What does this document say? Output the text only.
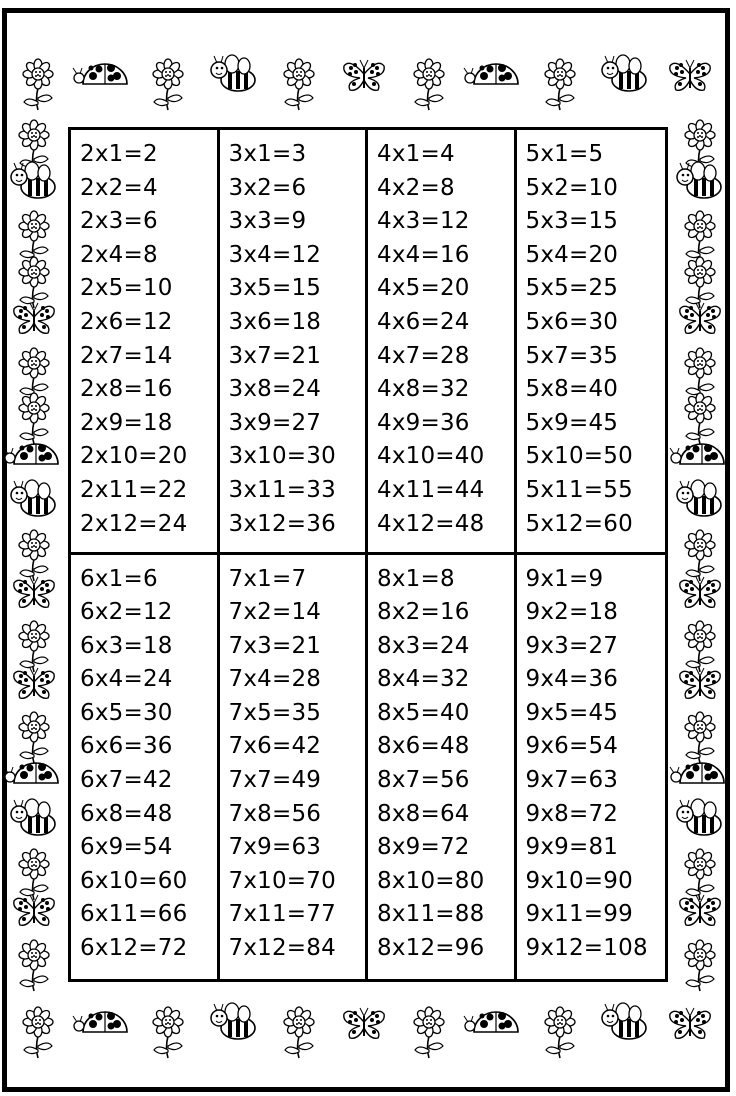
2x1=2
2x2=4
2x3=6
2x4=8
2x5=10
2x6=12
2x7=14
2x8=16
2x9=18
2x10=20
2x11=22
2x12=24
3x1=3
3x2=6
3x3=9
3x4=12
3x5=15
3x6=18
3x7=21
3x8=24
3x9=27
3x10=30
3x11=33
3x12=36
4x1=4
4x2=8
4x3=12
4x4=16
4x5=20
4x6=24
4x7=28
4x8=32
4x9=36
4x10=40
4x11=44
4x12=48
5x1=5
5x2=10
5x3=15
5x4=20
5x5=25
5x6=30
5x7=35
5x8=40
5x9=45
5x10=50
5x11=55
5x12=60
6x1=6
6x2=12
6x3=18
6x4=24
6x5=30
6x6=36
6x7=42
6x8=48
6x9=54
6x10=60
6x11=66
6x12=72
7x1=7
7x2=14
7x3=21
7x4=28
7x5=35
7x6=42
7x7=49
7x8=56
7x9=63
7x10=70
7x11=77
7x12=84
8x1=8
8x2=16
8x3=24
8x4=32
8x5=40
8x6=48
8x7=56
8x8=64
8x9=72
8x10=80
8x11=88
8x12=96
9x1=9
9x2=18
9x3=27
9x4=36
9x5=45
9x6=54
9x7=63
9x8=72
9x9=81
9x10=90
9x11=99
9x12=108
